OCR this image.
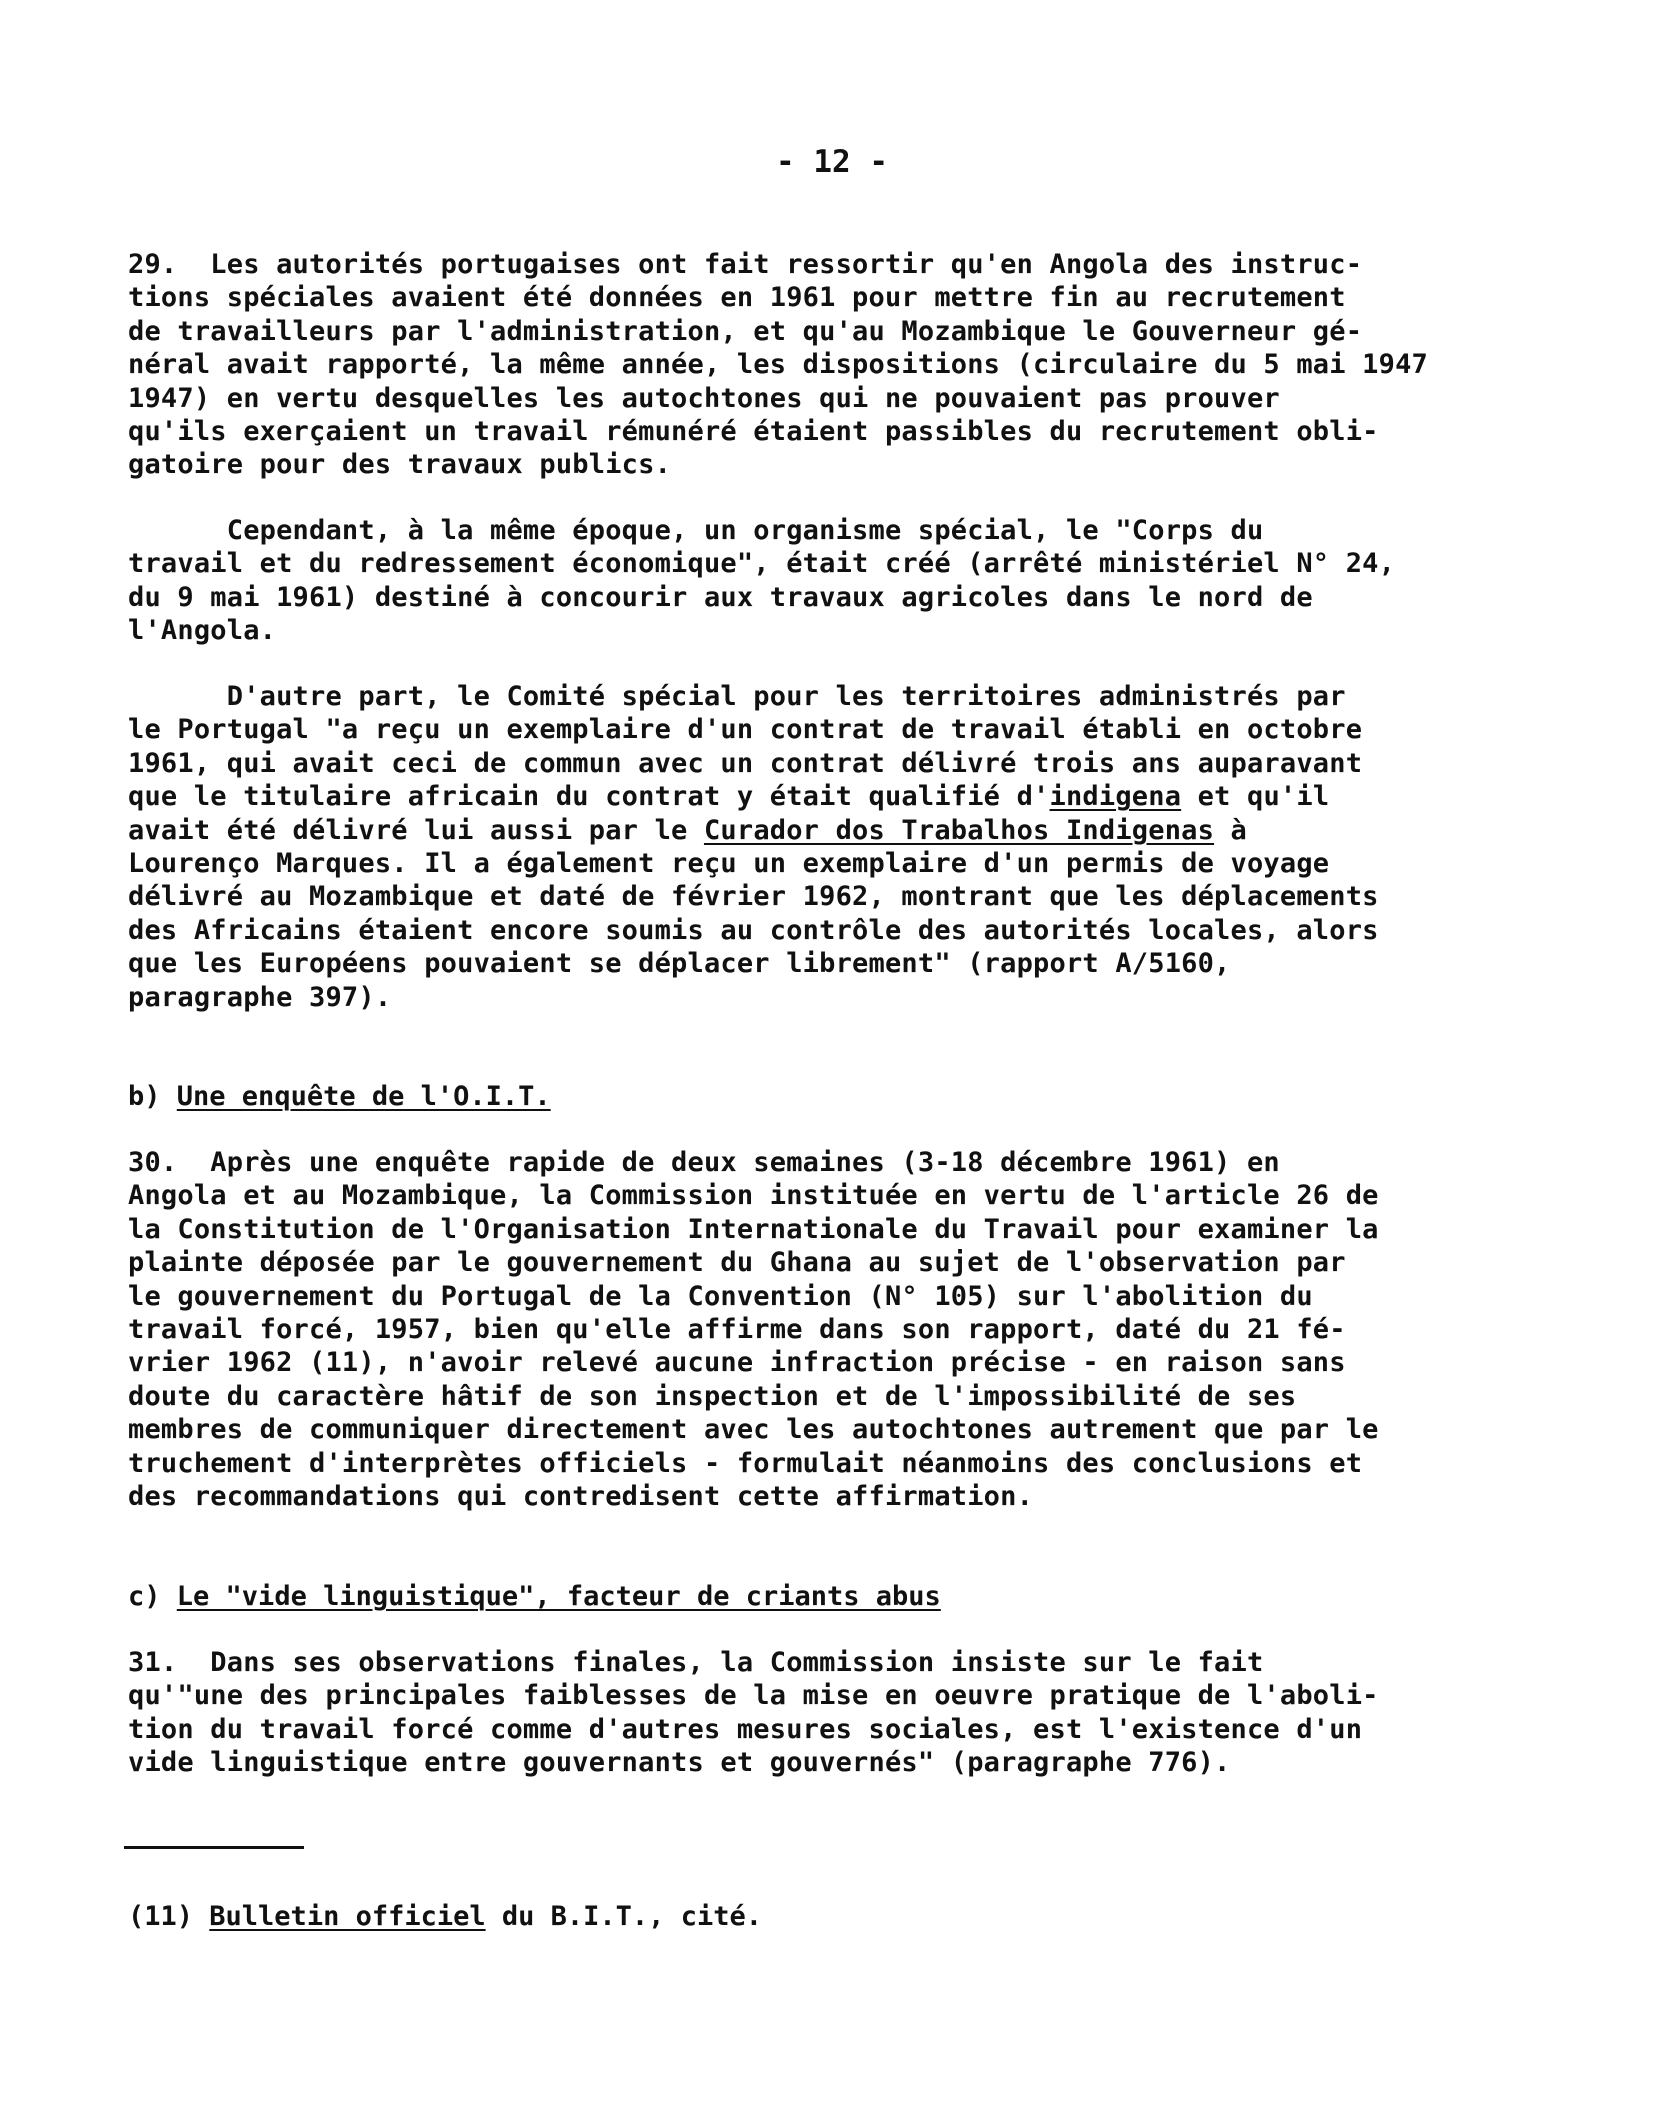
- 12 -
29.  Les autorités portugaises ont fait ressortir qu'en Angola des instruc-
tions spéciales avaient été données en 1961 pour mettre fin au recrutement
de travailleurs par l'administration, et qu'au Mozambique le Gouverneur gé-
néral avait rapporté, la même année, les dispositions (circulaire du 5 mai 1947
1947) en vertu desquelles les autochtones qui ne pouvaient pas prouver
qu'ils exerçaient un travail rémunéré étaient passibles du recrutement obli-
gatoire pour des travaux publics.
Cependant, à la même époque, un organisme spécial, le "Corps du
travail et du redressement économique", était créé (arrêté ministériel N° 24,
du 9 mai 1961) destiné à concourir aux travaux agricoles dans le nord de
l'Angola.
D'autre part, le Comité spécial pour les territoires administrés par
le Portugal "a reçu un exemplaire d'un contrat de travail établi en octobre
1961, qui avait ceci de commun avec un contrat délivré trois ans auparavant
que le titulaire africain du contrat y était qualifié d'indigena et qu'il
avait été délivré lui aussi par le Curador dos Trabalhos Indigenas à
Lourenço Marques. Il a également reçu un exemplaire d'un permis de voyage
délivré au Mozambique et daté de février 1962, montrant que les déplacements
des Africains étaient encore soumis au contrôle des autorités locales, alors
que les Européens pouvaient se déplacer librement" (rapport A/5160,
paragraphe 397).
b) Une enquête de l'O.I.T.
30.  Après une enquête rapide de deux semaines (3-18 décembre 1961) en
Angola et au Mozambique, la Commission instituée en vertu de l'article 26 de
la Constitution de l'Organisation Internationale du Travail pour examiner la
plainte déposée par le gouvernement du Ghana au sujet de l'observation par
le gouvernement du Portugal de la Convention (N° 105) sur l'abolition du
travail forcé, 1957, bien qu'elle affirme dans son rapport, daté du 21 fé-
vrier 1962 (11), n'avoir relevé aucune infraction précise - en raison sans
doute du caractère hâtif de son inspection et de l'impossibilité de ses
membres de communiquer directement avec les autochtones autrement que par le
truchement d'interprètes officiels - formulait néanmoins des conclusions et
des recommandations qui contredisent cette affirmation.
c) Le "vide linguistique", facteur de criants abus
31.  Dans ses observations finales, la Commission insiste sur le fait
qu'"une des principales faiblesses de la mise en oeuvre pratique de l'aboli-
tion du travail forcé comme d'autres mesures sociales, est l'existence d'un
vide linguistique entre gouvernants et gouvernés" (paragraphe 776).
(11) Bulletin officiel du B.I.T., cité.
